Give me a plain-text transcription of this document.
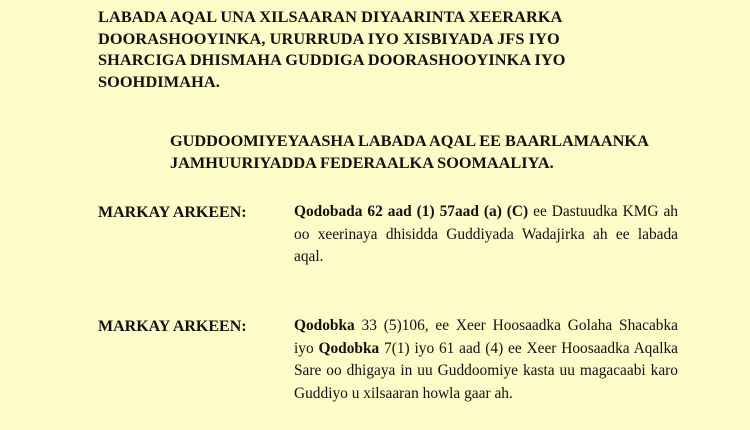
LABADA AQAL UNA XILSAARAN DIYAARINTA XEERARKA DOORASHOOYINKA, URURRUDA IYO XISBIYADA JFS IYO SHARCIGA DHISMAHA GUDDIGA DOORASHOOYINKA IYO SOOHDIMAHA.
GUDDOOMIYEYAASHA LABADA AQAL EE BAARLAMAANKA JAMHUURIYADDA FEDERAALKA SOOMAALIYA.
MARKAY ARKEEN:	Qodobada 62 aad (1) 57aad (a) (C) ee Dastuudka KMG ah oo xeerinaya dhisidda Guddiyada Wadajirka ah ee labada aqal.
MARKAY ARKEEN:	Qodobka 33 (5)106, ee Xeer Hoosaadka Golaha Shacabka iyo Qodobka 7(1) iyo 61 aad (4) ee Xeer Hoosaadka Aqalka Sare oo dhigaya in uu Guddoomiye kasta uu magacaabi karo Guddiyo u xilsaaran howla gaar ah.
